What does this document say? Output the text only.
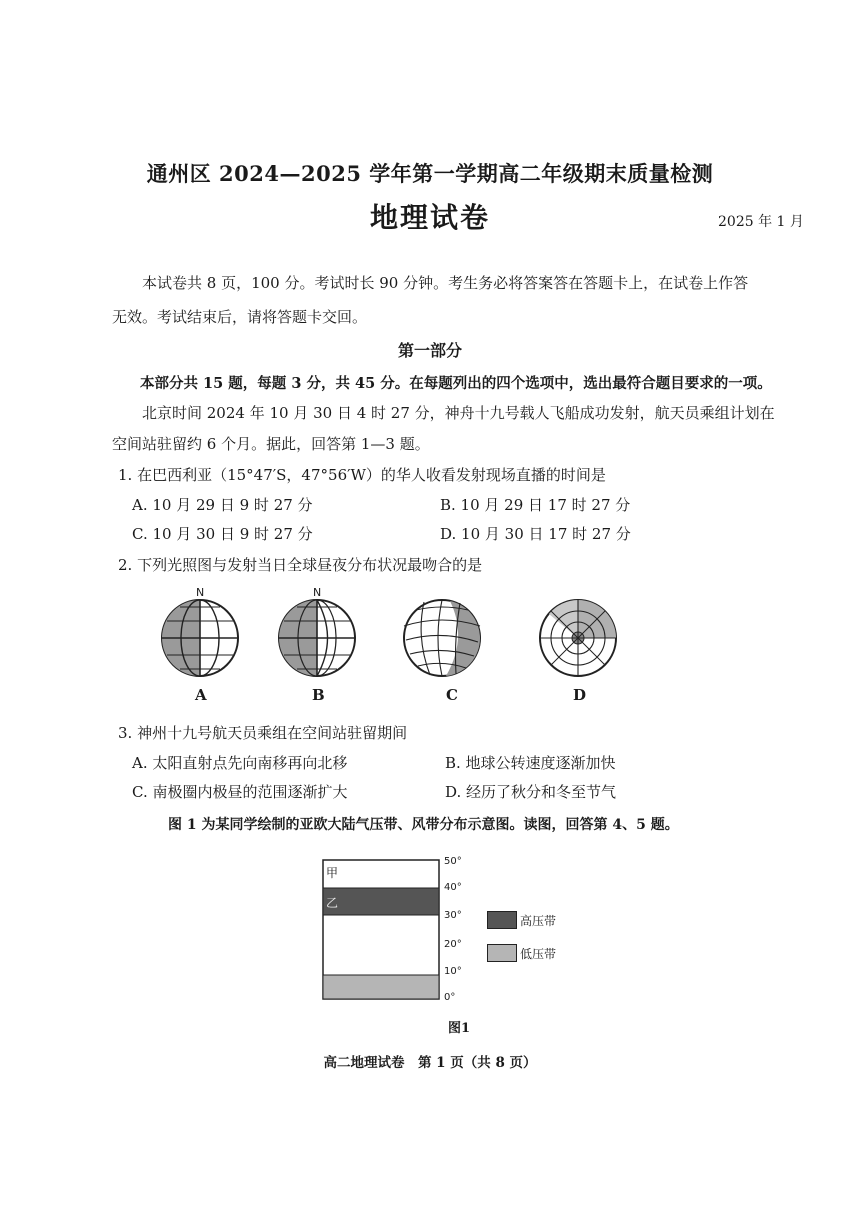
通州区 2024—2025 学年第一学期高二年级期末质量检测
地理试卷	2025 年 1 月
本试卷共 8 页，100 分。考试时长 90 分钟。考生务必将答案答在答题卡上，在试卷上作答无效。考试结束后，请将答题卡交回。
第一部分
本部分共 15 题，每题 3 分，共 45 分。在每题列出的四个选项中，选出最符合题目要求的一项。
北京时间 2024 年 10 月 30 日 4 时 27 分，神舟十九号载人飞船成功发射，航天员乘组计划在
空间站驻留约 6 个月。据此，回答第 1—3 题。
1. 在巴西利亚（15°47′S，47°56′W）的华人收看发射现场直播的时间是
A. 10 月 29 日 9 时 27 分	B. 10 月 29 日 17 时 27 分
C. 10 月 30 日 9 时 27 分	D. 10 月 30 日 17 时 27 分
2. 下列光照图与发射当日全球昼夜分布状况最吻合的是
N	N
A	B	C	D
3. 神州十九号航天员乘组在空间站驻留期间
A. 太阳直射点先向南移再向北移	B. 地球公转速度逐渐加快
C. 南极圈内极昼的范围逐渐扩大	D. 经历了秋分和冬至节气
图 1 为某同学绘制的亚欧大陆气压带、风带分布示意图。读图，回答第 4、5 题。
甲
乙
50°
40°
30°
20°
10°
0°
高压带
低压带
图1
高二地理试卷　第 1 页（共 8 页）
